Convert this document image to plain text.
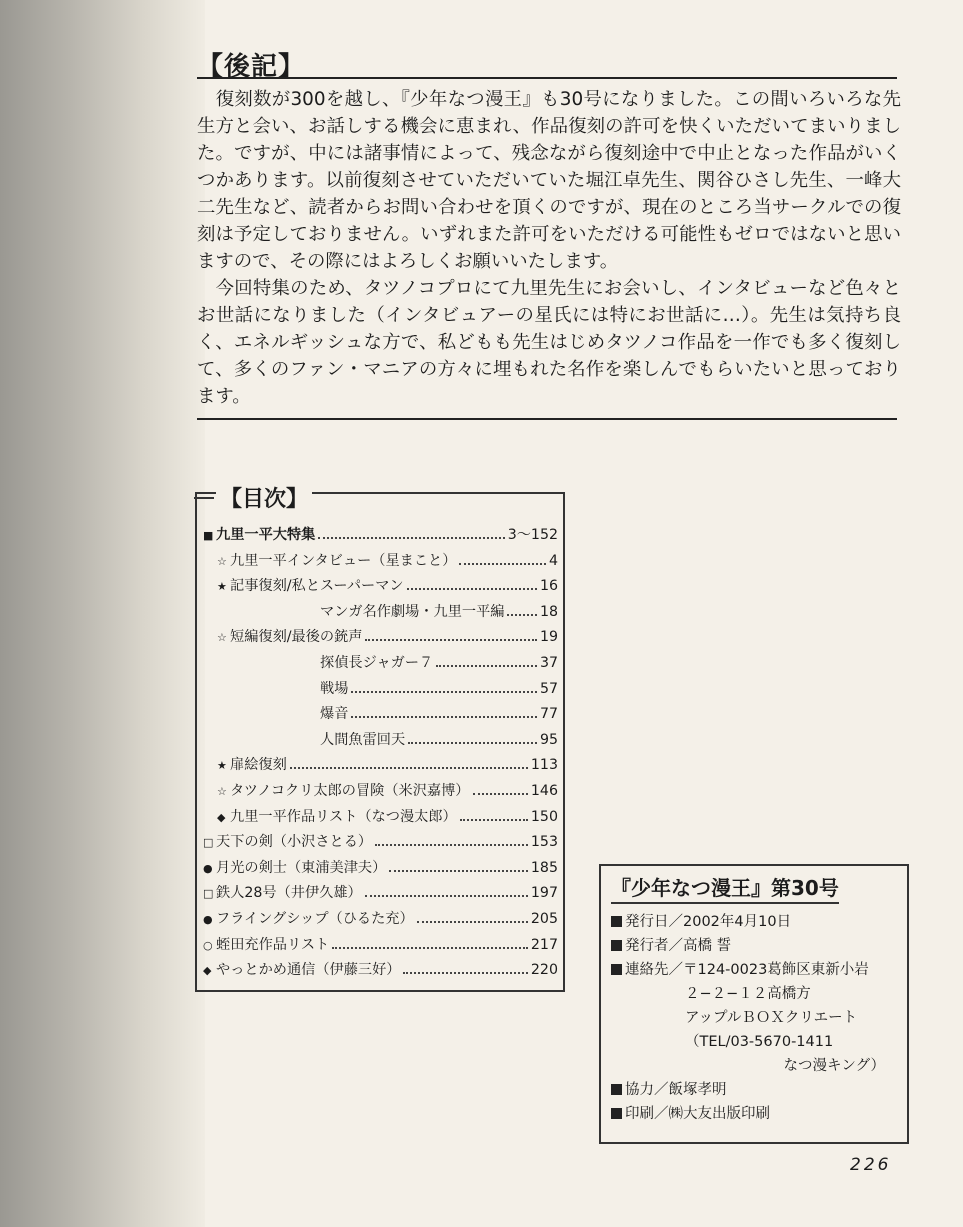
【後記】

　復刻数が300を越し、『少年なつ漫王』も30号になりました。この間いろいろな先生方と会い、お話しする機会に恵まれ、作品復刻の許可を快くいただいてまいりました。ですが、中には諸事情によって、残念ながら復刻途中で中止となった作品がいくつかあります。以前復刻させていただいていた堀江卓先生、関谷ひさし先生、一峰大二先生など、読者からお問い合わせを頂くのですが、現在のところ当サークルでの復刻は予定しておりません。いずれまた許可をいただける可能性もゼロではないと思いますので、その際にはよろしくお願いいたします。

　今回特集のため、タツノコプロにて九里先生にお会いし、インタビューなど色々とお世話になりました（インタビュアーの星氏には特にお世話に…）。先生は気持ち良く、エネルギッシュな方で、私どもも先生はじめタツノコ作品を一作でも多く復刻して、多くのファン・マニアの方々に埋もれた名作を楽しんでもらいたいと思っております。

【目次】
■ 九里一平大特集	3〜152
☆ 九里一平インタビュー（星まこと）	4
★ 記事復刻/私とスーパーマン	16
マンガ名作劇場・九里一平編 18
☆ 短編復刻/最後の銃声	19
探偵長ジャガー７	37
戦場	57
爆音	77
人間魚雷回天	95
★ 扉絵復刻	113
☆ タツノコクリ太郎の冒険（米沢嘉博）	146
◆ 九里一平作品リスト（なつ漫太郎）	150
□ 天下の剣（小沢さとる）	153
● 月光の剣士（東浦美津夫）	185
□ 鉄人28号（井伊久雄）	197
● フライングシップ（ひるた充）	205
○ 蛭田充作品リスト	217
◆ やっとかめ通信（伊藤三好）	220
『少年なつ漫王』第30号
発行日／2002年4月10日
発行者／高橋 誓
連絡先／〒124-0023葛飾区東新小岩
２−２−１２高橋方
アップルＢＯＸクリエート
（TEL/03-5670-1411
なつ漫キング）
協力／飯塚孝明
印刷／㈱大友出版印刷
226
